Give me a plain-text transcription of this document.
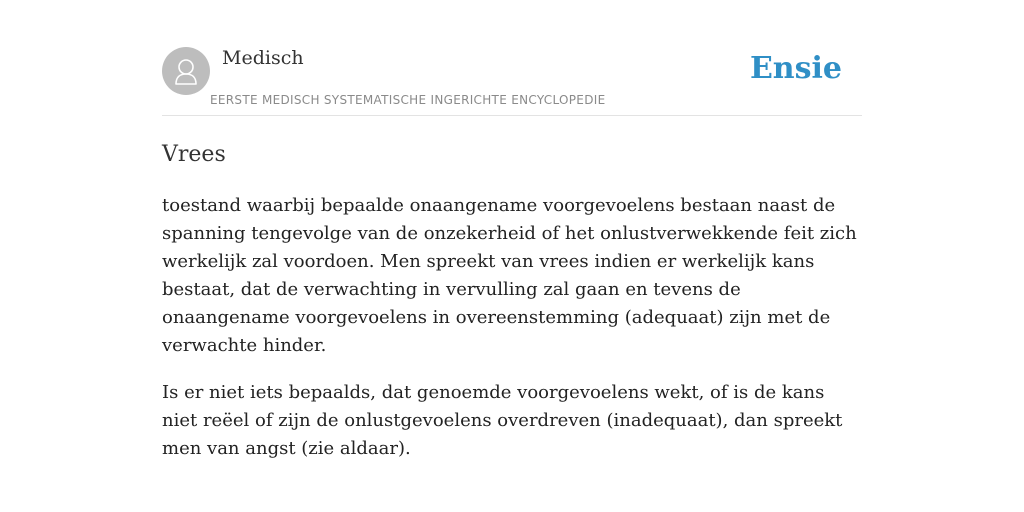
Medisch
EERSTE MEDISCH SYSTEMATISCHE INGERICHTE ENCYCLOPEDIE
Ensie
Vrees

toestand waarbij bepaalde onaangename voorgevoelens bestaan naast de spanning tengevolge van de onzekerheid of het onlustverwekkende feit zich werkelijk zal voordoen. Men spreekt van vrees indien er werkelijk kans bestaat, dat de verwachting in vervulling zal gaan en tevens de onaangename voorgevoelens in overeenstemming (adequaat) zijn met de verwachte hinder.

Is er niet iets bepaalds, dat genoemde voorgevoelens wekt, of is de kans niet reëel of zijn de onlustgevoelens overdreven (inadequaat), dan spreekt men van angst (zie aldaar).
